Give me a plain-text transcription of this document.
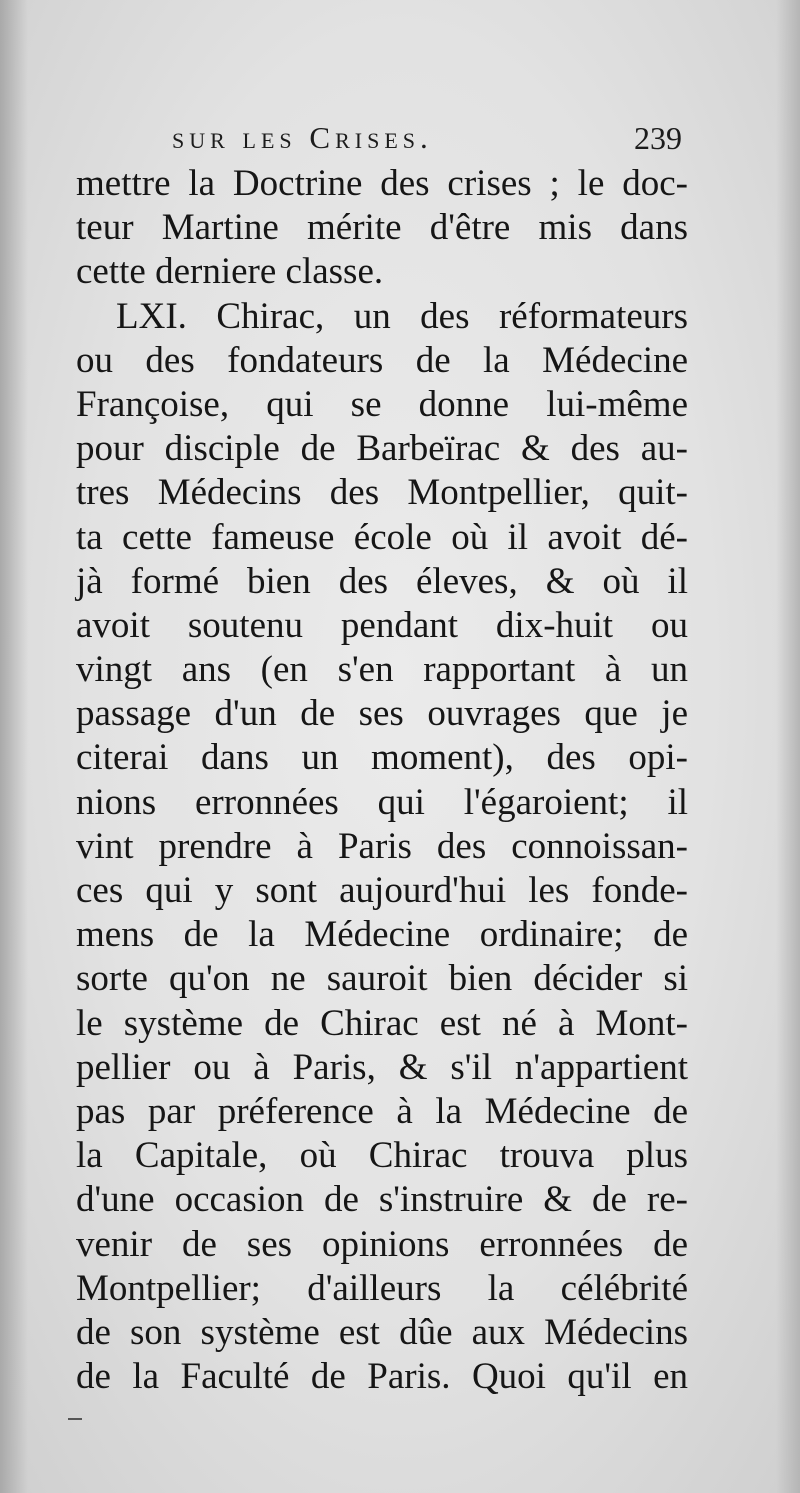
sur les Crises.	239
mettre la Doctrine des crises ; le doc-
teur Martine mérite d'être mis dans
cette derniere classe.
LXI. Chirac, un des réformateurs
ou des fondateurs de la Médecine
Françoise, qui se donne lui-même
pour disciple de Barbeïrac & des au-
tres Médecins des Montpellier, quit-
ta cette fameuse école où il avoit dé-
jà formé bien des éleves, & où il
avoit soutenu pendant dix-huit ou
vingt ans (en s'en rapportant à un
passage d'un de ses ouvrages que je
citerai dans un moment), des opi-
nions erronnées qui l'égaroient; il
vint prendre à Paris des connoissan-
ces qui y sont aujourd'hui les fonde-
mens de la Médecine ordinaire; de
sorte qu'on ne sauroit bien décider si
le système de Chirac est né à Mont-
pellier ou à Paris, & s'il n'appartient
pas par préference à la Médecine de
la Capitale, où Chirac trouva plus
d'une occasion de s'instruire & de re-
venir de ses opinions erronnées de
Montpellier; d'ailleurs la célébrité
de son système est dûe aux Médecins
de la Faculté de Paris. Quoi qu'il en
